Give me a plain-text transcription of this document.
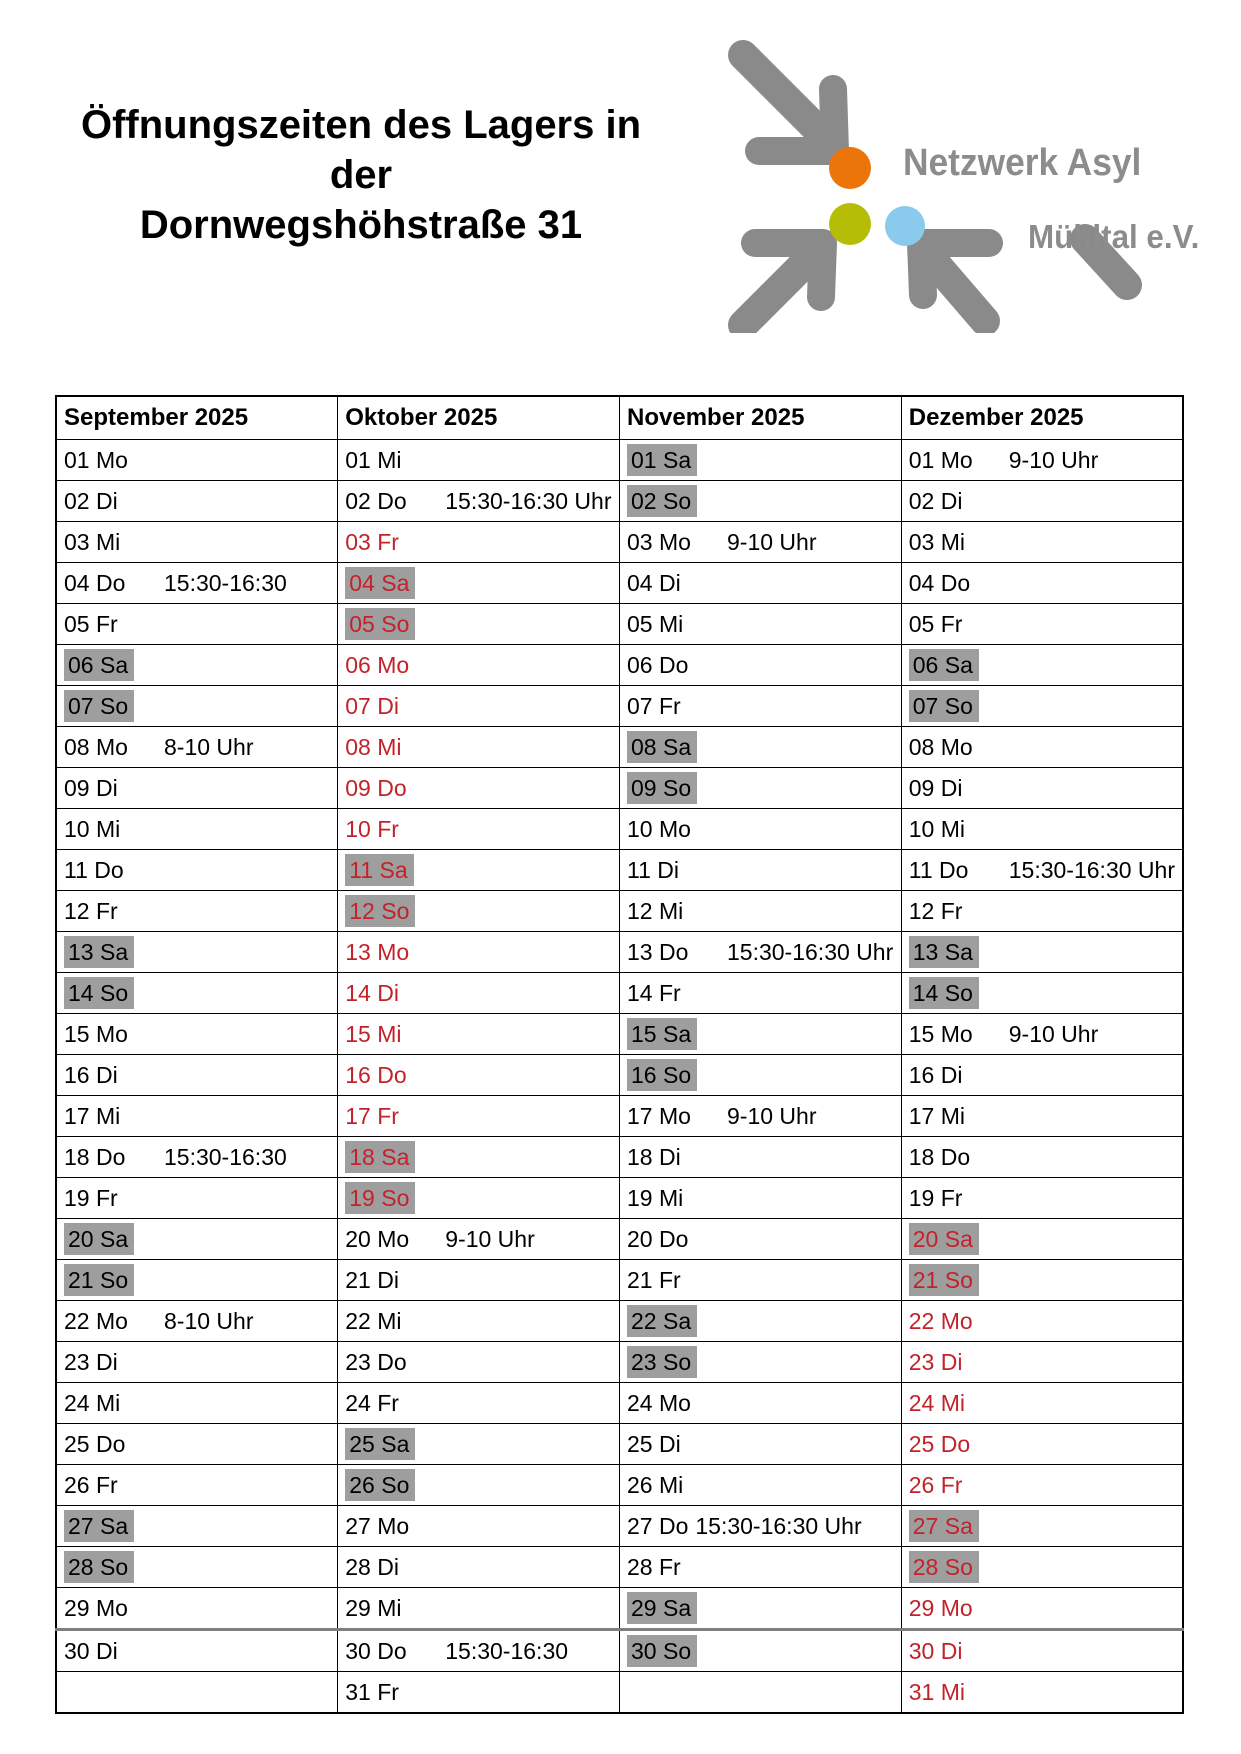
Öffnungszeiten des Lagers in der
Dornwegshöhstraße 31
Netzwerk Asyl
Mühltal e.V.
September 2025	Oktober 2025	November 2025	Dezember 2025
01 Mo	01 Mi	01 Sa	01 Mo 9-10 Uhr
02 Di	02 Do 15:30-16:30 Uhr	02 So	02 Di
03 Mi	03 Fr	03 Mo 9-10 Uhr	03 Mi
04 Do 15:30-16:30	04 Sa	04 Di	04 Do
05 Fr	05 So	05 Mi	05 Fr
06 Sa	06 Mo	06 Do	06 Sa
07 So	07 Di	07 Fr	07 So
08 Mo 8-10 Uhr	08 Mi	08 Sa	08 Mo
09 Di	09 Do	09 So	09 Di
10 Mi	10 Fr	10 Mo	10 Mi
11 Do	11 Sa	11 Di	11 Do 15:30-16:30 Uhr
12 Fr	12 So	12 Mi	12 Fr
13 Sa	13 Mo	13 Do 15:30-16:30 Uhr	13 Sa
14 So	14 Di	14 Fr	14 So
15 Mo	15 Mi	15 Sa	15 Mo 9-10 Uhr
16 Di	16 Do	16 So	16 Di
17 Mi	17 Fr	17 Mo 9-10 Uhr	17 Mi
18 Do 15:30-16:30	18 Sa	18 Di	18 Do
19 Fr	19 So	19 Mi	19 Fr
20 Sa	20 Mo 9-10 Uhr	20 Do	20 Sa
21 So	21 Di	21 Fr	21 So
22 Mo 8-10 Uhr	22 Mi	22 Sa	22 Mo
23 Di	23 Do	23 So	23 Di
24 Mi	24 Fr	24 Mo	24 Mi
25 Do	25 Sa	25 Di	25 Do
26 Fr	26 So	26 Mi	26 Fr
27 Sa	27 Mo	27 Do 15:30-16:30 Uhr	27 Sa
28 So	28 Di	28 Fr	28 So
29 Mo	29 Mi	29 Sa	29 Mo
30 Di	30 Do 15:30-16:30	30 So	30 Di
	31 Fr		31 Mi
